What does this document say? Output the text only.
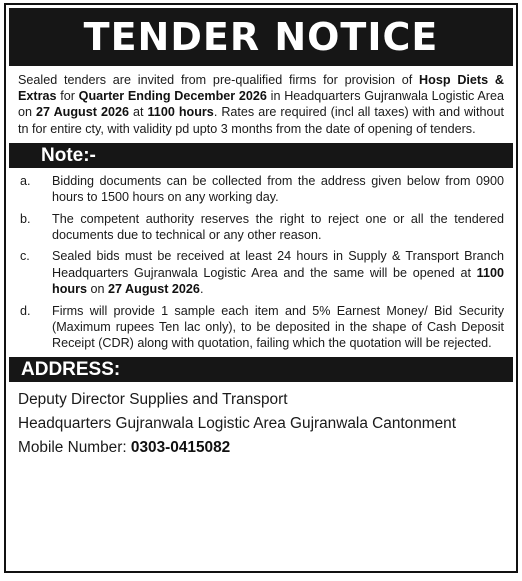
TENDER NOTICE
Sealed tenders are invited from pre-qualified firms for provision of Hosp Diets & Extras for Quarter Ending December 2026 in Headquarters Gujranwala Logistic Area on 27 August 2026 at 1100 hours. Rates are required (incl all taxes) with and without tn for entire cty, with validity pd upto 3 months from the date of opening of tenders.
Note:-
a.	Bidding documents can be collected from the address given below from 0900 hours to 1500 hours on any working day.
b.	The competent authority reserves the right to reject one or all the tendered documents due to technical or any other reason.
c.	Sealed bids must be received at least 24 hours in Supply & Transport Branch Headquarters Gujranwala Logistic Area and the same will be opened at 1100 hours on 27 August 2026.
d.	Firms will provide 1 sample each item and 5% Earnest Money/ Bid Security (Maximum rupees Ten lac only), to be deposited in the shape of Cash Deposit Receipt (CDR) along with quotation, failing which the quotation will be rejected.
ADDRESS:
Deputy Director Supplies and Transport
Headquarters Gujranwala Logistic Area Gujranwala Cantonment
Mobile Number: 0303-0415082
